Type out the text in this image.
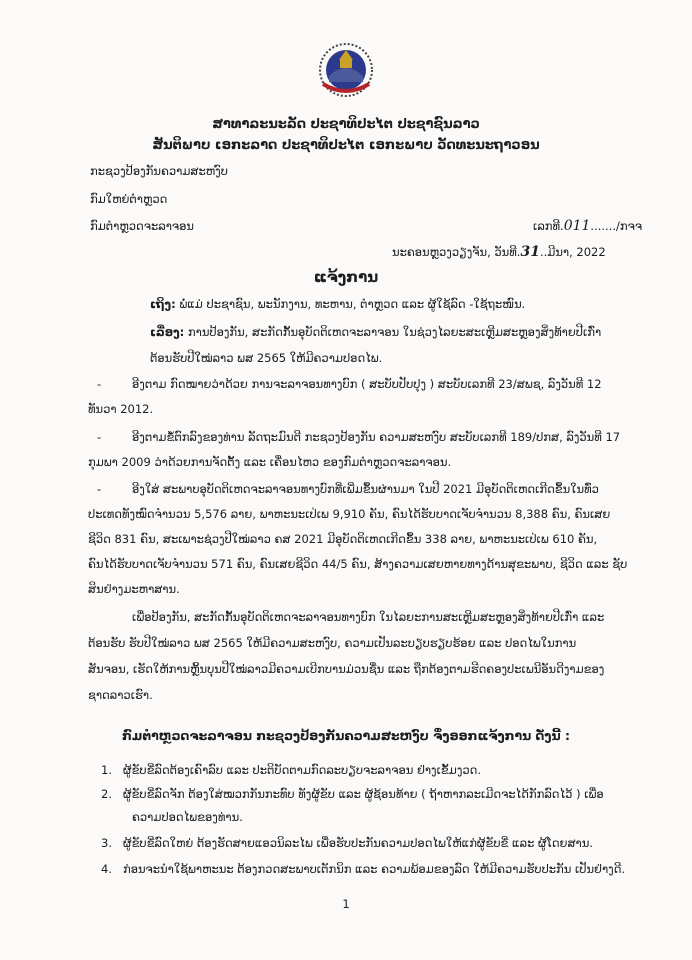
ສາທາລະນະລັດ ປະຊາທິປະໄຕ ປະຊາຊົນລາວ
ສັນຕິພາບ ເອກະລາດ ປະຊາທິປະໄຕ ເອກະພາບ ວັດທະນະຖາວອນ
ກະຊວງປ້ອງກັນຄວາມສະຫງົບ
ກົມໃຫຍ່ຕຳຫຼວດ
ກົມຕຳຫຼວດຈະລາຈອນ	ເລກທີ.011......./ກຈຈ
ນະຄອນຫຼວງວຽງຈັນ, ວັນທີ.31..ມີນາ, 2022
ແຈ້ງການ
ເຖິງ: ພໍ່ແມ່ ປະຊາຊົນ, ພະນັກງານ, ທະຫານ, ຕຳຫຼວດ ແລະ ຜູ້ໃຊ້ລົດ -ໃຊ້ຖະໜົນ.
ເລື່ອງ: ການປ້ອງກັນ, ສະກັດກັ້ນອຸບັດຕິເຫດຈະລາຈອນ ໃນຊ່ວງໄລຍະສະເຫຼີມສະຫຼອງສິ່ງທ້າຍປີເກົ່າ
ຕ້ອນຮັບປີໃໝ່ລາວ ພສ 2565 ໃຫ້ມີຄວາມປອດໄພ.
-	ອີງຕາມ ກົດໝາຍວ່າດ້ວຍ ການຈະລາຈອນທາງບົກ ( ສະບັບປັບປຸງ ) ສະບັບເລກທີ 23/ສພຊ, ລົງວັນທີ 12
ທັນວາ 2012.
-	ອີງຕາມຂໍ້ຕົກລົງຂອງທ່ານ ລັດຖະມົນຕີ ກະຊວງປ້ອງກັນ ຄວາມສະຫງົບ ສະບັບເລກທີ 189/ປກສ, ລົງວັນທີ 17
ກຸມພາ 2009 ວ່າດ້ວຍການຈັດຕັ້ງ ແລະ ເຄື່ອນໄຫວ ຂອງກົມຕຳຫຼວດຈະລາຈອນ.
-	ອີງໃສ່ ສະພາບອຸບັດຕິເຫດຈະລາຈອນທາງບົກທີ່ເພີ່ມຂຶ້ນຜ່ານມາ ໃນປີ 2021 ມີອຸບັດຕິເຫດເກີດຂຶ້ນໃນທົ່ວ
ປະເທດທັງໝົດຈຳນວນ 5,576 ລາຍ, ພາຫະນະເປ່ເພ 9,910 ຄັນ, ຄົນໄດ້ຮັບບາດເຈັບຈຳນວນ 8,388 ຄົນ, ຄົນເສຍ
ຊີວິດ 831 ຄົນ, ສະເພາະຊ່ວງປີໃໝ່ລາວ ຄສ 2021 ມີອຸບັດຕິເຫດເກີດຂຶ້ນ 338 ລາຍ, ພາຫະນະເປ່ເພ 610 ຄັນ,
ຄົນໄດ້ຮັບບາດເຈັບຈຳນວນ 571 ຄົນ, ຄົນເສຍຊີວິດ 44/5 ຄົນ, ສ້າງຄວາມເສຍຫາຍທາງດ້ານສຸຂະພາບ, ຊີວິດ ແລະ ຊັບ
ສິນຢ່າງມະຫາສານ.
ເພື່ອປ້ອງກັນ, ສະກັດກັ້ນອຸບັດຕິເຫດຈະລາຈອນທາງບົກ ໃນໄລຍະການສະເຫຼີມສະຫຼອງສິ່ງທ້າຍປີເກົ່າ ແລະ
ຕ້ອນຮັບ ຮັບປີໃໝ່ລາວ ພສ 2565 ໃຫ້ມີຄວາມສະຫງົບ, ຄວາມເປັນລະບຽບຮຽບຮ້ອຍ ແລະ ປອດໄພໃນການ
ສັນຈອນ, ເຮັດໃຫ້ການຫຼິ້ນບຸນປີໃໝ່ລາວມີຄວາມເບີກບານມ່ວນຊື່ນ ແລະ ຖືກຕ້ອງຕາມຮີດຄອງປະເພນີອັນດີງາມຂອງ
ຊາດລາວເຮົາ.
ກົມຕຳຫຼວດຈະລາຈອນ ກະຊວງປ້ອງກັນຄວາມສະຫງົບ ຈຶ່ງອອກແຈ້ງການ ດັ່ງນີ້ :
1. ຜູ້ຂັບຂີ່ລົດຕ້ອງເຄົາລົບ ແລະ ປະຕິບັດຕາມກົດລະບຽບຈະລາຈອນ ຢ່າງເຂັ້ມງວດ.
2. ຜູ້ຂັບຂີ່ລົດຈັກ ຕ້ອງໃສ່ໝວກກັນກະທົບ ທັງຜູ້ຂັບ ແລະ ຜູ້ຊ້ອນທ້າຍ ( ຖ້າຫາກລະເມີດຈະໄດ້ກັກລົດໄວ້ ) ເພື່ອ
ຄວາມປອດໄພຂອງທ່ານ.
3. ຜູ້ຂັບຂີ່ລົດໃຫຍ່ ຕ້ອງຮັດສາຍແອວນິລະໄພ ເພື່ອຮັບປະກັນຄວາມປອດໄພໃຫ້ແກ່ຜູ້ຂັບຂີ່ ແລະ ຜູ້ໂດຍສານ.
4. ກ່ອນຈະນຳໃຊ້ພາຫະນະ ຕ້ອງກວດສະພາບເຕັກນິກ ແລະ ຄວາມພ້ອມຂອງລົດ ໃຫ້ມີຄວາມຮັບປະກັນ ເປັນຢ່າງດີ.
1
